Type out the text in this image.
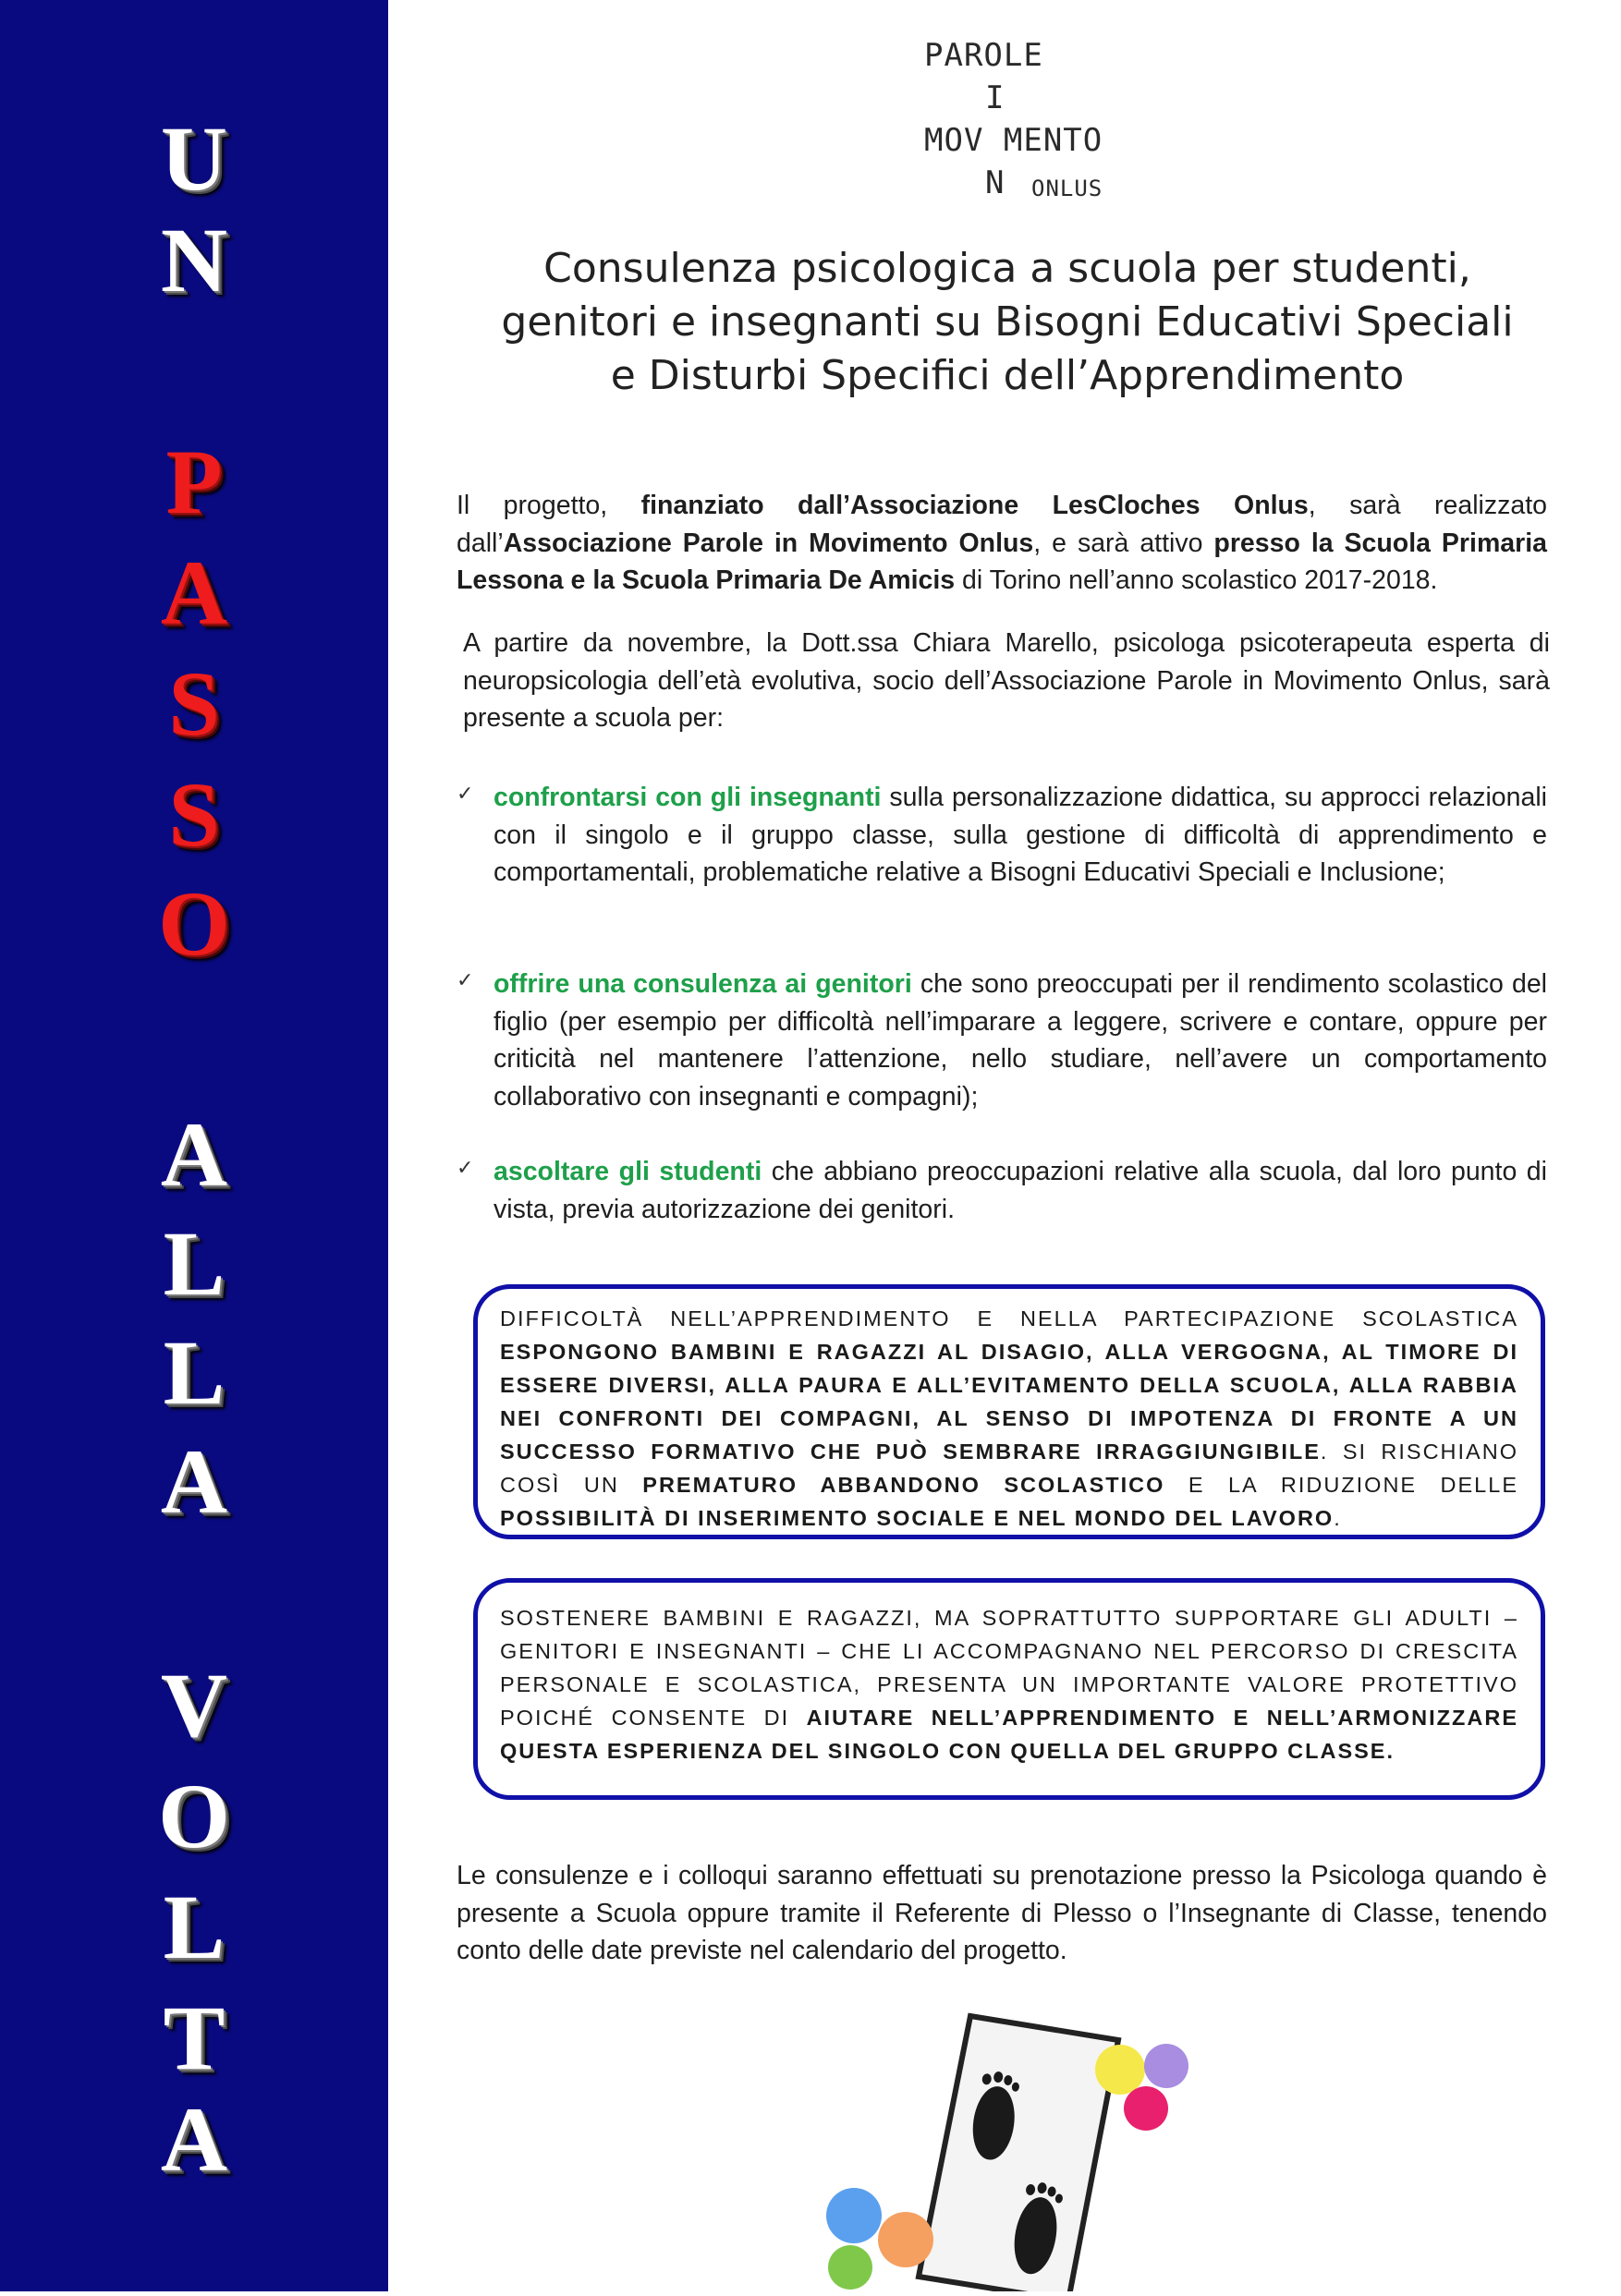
U
N
P
A
S
S
O
A
L
L
A
V
O
L
T
A
PAROLE
I
MOV MENTO
N ONLUS
Consulenza psicologica a scuola per studenti,
genitori e insegnanti su Bisogni Educativi Speciali
e Disturbi Specifici dell’Apprendimento
Il progetto, finanziato dall’Associazione LesCloches Onlus, sarà realizzato dall’Associazione Parole in Movimento Onlus, e sarà attivo presso la Scuola Primaria Lessona e la Scuola Primaria De Amicis di Torino nell’anno scolastico 2017-2018.
A partire da novembre, la Dott.ssa Chiara Marello, psicologa psicoterapeuta esperta di neuropsicologia dell’età evolutiva, socio dell’Associazione Parole in Movimento Onlus, sarà presente a scuola per:
✓ confrontarsi con gli insegnanti sulla personalizzazione didattica, su approcci relazionali con il singolo e il gruppo classe, sulla gestione di difficoltà di apprendimento e comportamentali, problematiche relative a Bisogni Educativi Speciali e Inclusione;
✓ offrire una consulenza ai genitori che sono preoccupati per il rendimento scolastico del figlio (per esempio per difficoltà nell’imparare a leggere, scrivere e contare, oppure per criticità nel mantenere l’attenzione, nello studiare, nell’avere un comportamento collaborativo con insegnanti e compagni);
✓ ascoltare gli studenti che abbiano preoccupazioni relative alla scuola, dal loro punto di vista, previa autorizzazione dei genitori.
DIFFICOLTÀ NELL’APPRENDIMENTO E NELLA PARTECIPAZIONE SCOLASTICA ESPONGONO BAMBINI E RAGAZZI AL DISAGIO, ALLA VERGOGNA, AL TIMORE DI ESSERE DIVERSI, ALLA PAURA E ALL’EVITAMENTO DELLA SCUOLA, ALLA RABBIA NEI CONFRONTI DEI COMPAGNI, AL SENSO DI IMPOTENZA DI FRONTE A UN SUCCESSO FORMATIVO CHE PUÒ SEMBRARE IRRAGGIUNGIBILE. SI RISCHIANO COSÌ UN PREMATURO ABBANDONO SCOLASTICO E LA RIDUZIONE DELLE POSSIBILITÀ DI INSERIMENTO SOCIALE E NEL MONDO DEL LAVORO.
SOSTENERE BAMBINI E RAGAZZI, MA SOPRATTUTTO SUPPORTARE GLI ADULTI – GENITORI E INSEGNANTI – CHE LI ACCOMPAGNANO NEL PERCORSO DI CRESCITA PERSONALE E SCOLASTICA, PRESENTA UN IMPORTANTE VALORE PROTETTIVO POICHÉ CONSENTE DI AIUTARE NELL’APPRENDIMENTO E NELL’ARMONIZZARE QUESTA ESPERIENZA DEL SINGOLO CON QUELLA DEL GRUPPO CLASSE.
Le consulenze e i colloqui saranno effettuati su prenotazione presso la Psicologa quando è presente a Scuola oppure tramite il Referente di Plesso o l’Insegnante di Classe, tenendo conto delle date previste nel calendario del progetto.
